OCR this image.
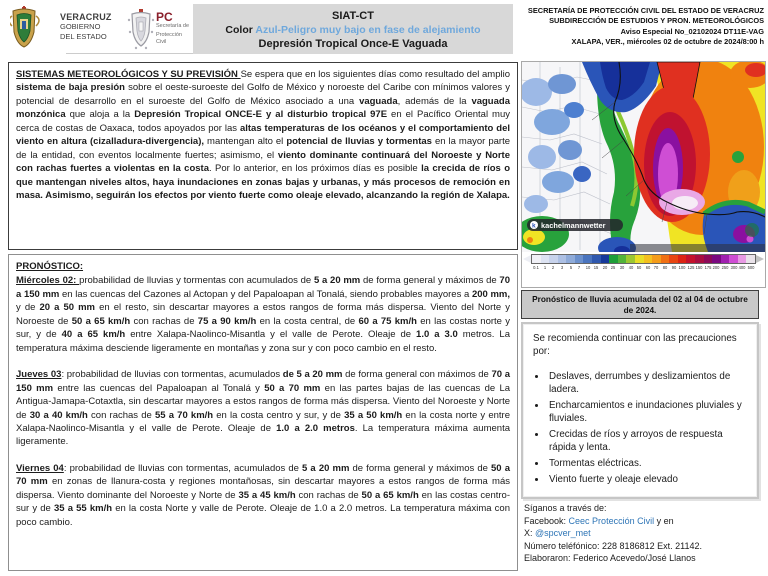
VERACRUZ
GOBIERNO
DEL ESTADO
PC
Secretaría de
Protección Civil
SIAT-CT
Color Azul-Peligro muy bajo en fase de alejamiento
Depresión Tropical Once-E Vaguada
SECRETARÍA DE PROTECCIÓN CIVIL DEL ESTADO DE VERACRUZ
SUBDIRECCIÓN DE ESTUDIOS Y PRON. METEOROLÓGICOS
Aviso Especial No_02102024 DT11E-VAG
XALAPA, VER., miércoles 02 de octubre de 2024/8:00 h

SISTEMAS METEOROLÓGICOS Y SU PREVISIÓN Se espera que en los siguientes días como resultado del amplio sistema de baja presión sobre el oeste-suroeste del Golfo de México y noroeste del Caribe con mínimos valores y potencial de desarrollo en el suroeste del Golfo de México asociado a una vaguada, además de la vaguada monzónica que aloja a la Depresión Tropical ONCE-E y al disturbio tropical 97E en el Pacífico Oriental muy cerca de costas de Oaxaca, todos apoyados por las altas temperaturas de los océanos y el comportamiento del viento en altura (cizalladura-divergencia), mantengan alto el potencial de lluvias y tormentas en la mayor parte de la entidad, con eventos localmente fuertes; asimismo, el viento dominante continuará del Noroeste y Norte con rachas fuertes a violentas en la costa. Por lo anterior, en los próximos días es posible la crecida de ríos o que mantengan niveles altos, haya inundaciones en zonas bajas y urbanas, y más procesos de remoción en masa. Asimismo, seguirán los efectos por viento fuerte como oleaje elevado, alcanzando la región de Xalapa.

PRONÓSTICO:

Miércoles 02: probabilidad de lluvias y tormentas con acumulados de 5 a 20 mm de forma general y máximos de 70 a 150 mm en las cuencas del Cazones al Actopan y del Papaloapan al Tonalá, siendo probables mayores a 200 mm, y de 20 a 50 mm en el resto, sin descartar mayores a estos rangos de forma más dispersa. Viento del Norte y Noroeste de 50 a 65 km/h con rachas de 75 a 90 km/h en la costa central, de 60 a 75 km/h en las costas norte y sur, y de 40 a 65 km/h entre Xalapa-Naolinco-Misantla y el valle de Perote. Oleaje de 1.0 a 3.0 metros. La temperatura máxima desciende ligeramente en montañas y zona sur y con poco cambio en el resto.

Jueves 03: probabilidad de lluvias con tormentas, acumulados de 5 a 20 mm de forma general con máximos de 70 a 150 mm entre las cuencas del Papaloapan al Tonalá y 50 a 70 mm en las partes bajas de las cuencas de La Antigua-Jamapa-Cotaxtla, sin descartar mayores a estos rangos de forma más dispersa. Viento del Noroeste y Norte de 30 a 40 km/h con rachas de 55 a 70 km/h en la costa centro y sur, y de 35 a 50 km/h en la costa norte y entre Xalapa-Naolinco-Misantla y el valle de Perote. Oleaje de 1.0 a 2.0 metros. La temperatura máxima aumenta ligeramente.

Viernes 04: probabilidad de lluvias con tormentas, acumulados de 5 a 20 mm de forma general y máximos de 50 a 70 mm en zonas de llanura-costa y regiones montañosas, sin descartar mayores a estos rangos de forma más dispersa. Viento dominante del Noroeste y Norte de 35 a 45 km/h con rachas de 50 a 65 km/h en las costas centro-sur y de 35 a 55 km/h en la costa Norte y valle de Perote. Oleaje de 1.0 a 2.0 metros. La temperatura máxima con poco cambio.

k kachelmannwetter
0.1 1 2 3 5 7 10 15 20 25 30 40 50 60 70 80 90 100 125 150 175 200 250 300 400 500
Pronóstico de lluvia acumulada del 02 al 04 de octubre de 2024.

Se recomienda continuar con las precauciones por:

• Deslaves, derrumbes y deslizamientos de ladera.
• Encharcamientos e inundaciones pluviales y fluviales.
• Crecidas de ríos y arroyos de respuesta rápida y lenta.
• Tormentas eléctricas.
• Viento fuerte y oleaje elevado
Síganos a través de:
Facebook: Ceec Protección Civil y en
X: @spcver_met
Número teléfónico: 228 8186812 Ext. 21142.
Elaboraron: Federico Acevedo/José Llanos
